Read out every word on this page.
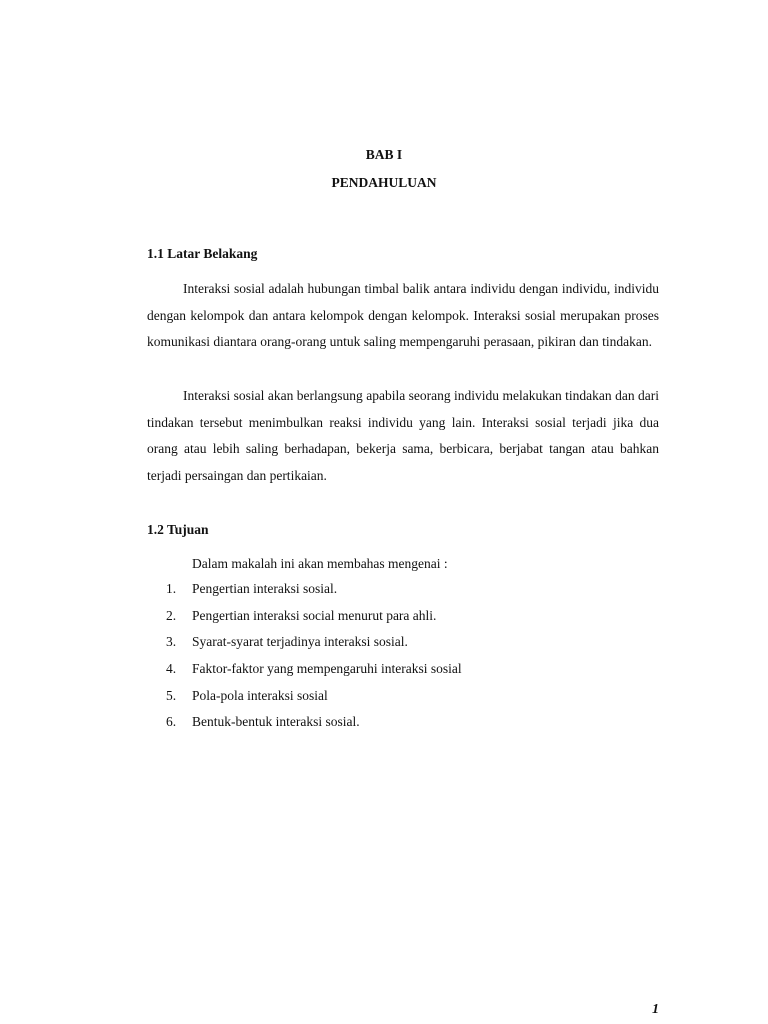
BAB I
PENDAHULUAN
1.1 Latar Belakang

Interaksi sosial adalah hubungan timbal balik antara individu dengan individu, individu dengan kelompok dan antara kelompok dengan kelompok. Interaksi sosial merupakan proses komunikasi diantara orang-orang untuk saling mempengaruhi perasaan, pikiran dan tindakan.

Interaksi sosial akan berlangsung apabila seorang individu melakukan tindakan dan dari tindakan tersebut menimbulkan reaksi individu yang lain. Interaksi sosial terjadi jika dua orang atau lebih saling berhadapan, bekerja sama, berbicara, berjabat tangan atau bahkan terjadi persaingan dan pertikaian.

1.2 Tujuan
Dalam makalah ini akan membahas mengenai :
1. Pengertian interaksi sosial.
2. Pengertian interaksi social menurut para ahli.
3. Syarat-syarat terjadinya interaksi sosial.
4. Faktor-faktor yang mempengaruhi interaksi sosial
5. Pola-pola interaksi sosial
6. Bentuk-bentuk interaksi sosial.
1
